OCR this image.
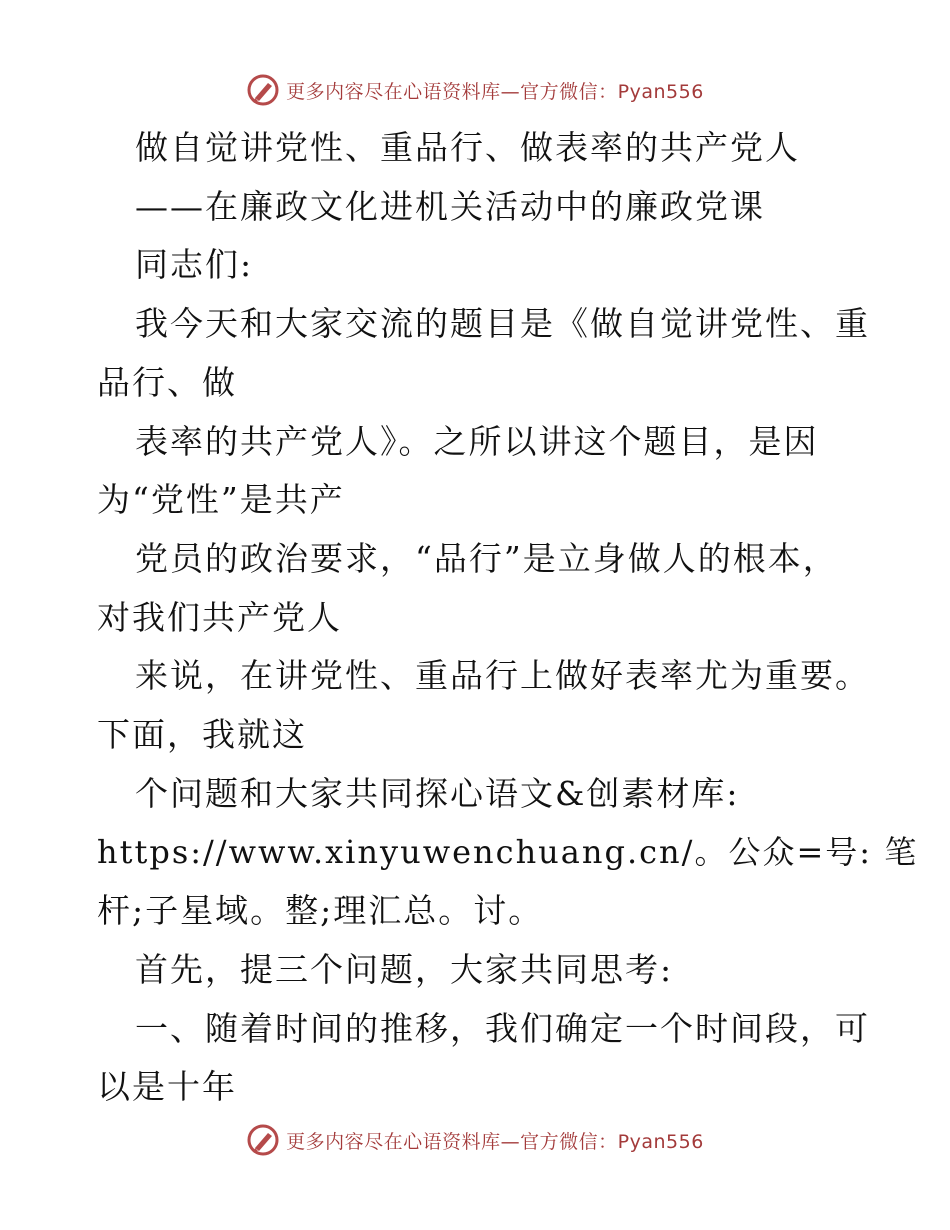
更多内容尽在心语资料库—官方微信：Pyan556
做自觉讲党性、重品行、做表率的共产党人
——在廉政文化进机关活动中的廉政党课
同志们:
我今天和大家交流的题目是《做自觉讲党性、重
品行、做
表率的共产党人》。之所以讲这个题目，是因
为“党性”是共产
党员的政治要求，“品行”是立身做人的根本，
对我们共产党人
来说，在讲党性、重品行上做好表率尤为重要。
下面，我就这
个问题和大家共同探心语文&创素材库:
https://www.xinyuwenchuang.cn/。公众=号: 笔
杆;子星域。整;理汇总。讨。
首先，提三个问题，大家共同思考:
一、随着时间的推移，我们确定一个时间段，可
以是十年
更多内容尽在心语资料库—官方微信：Pyan556
